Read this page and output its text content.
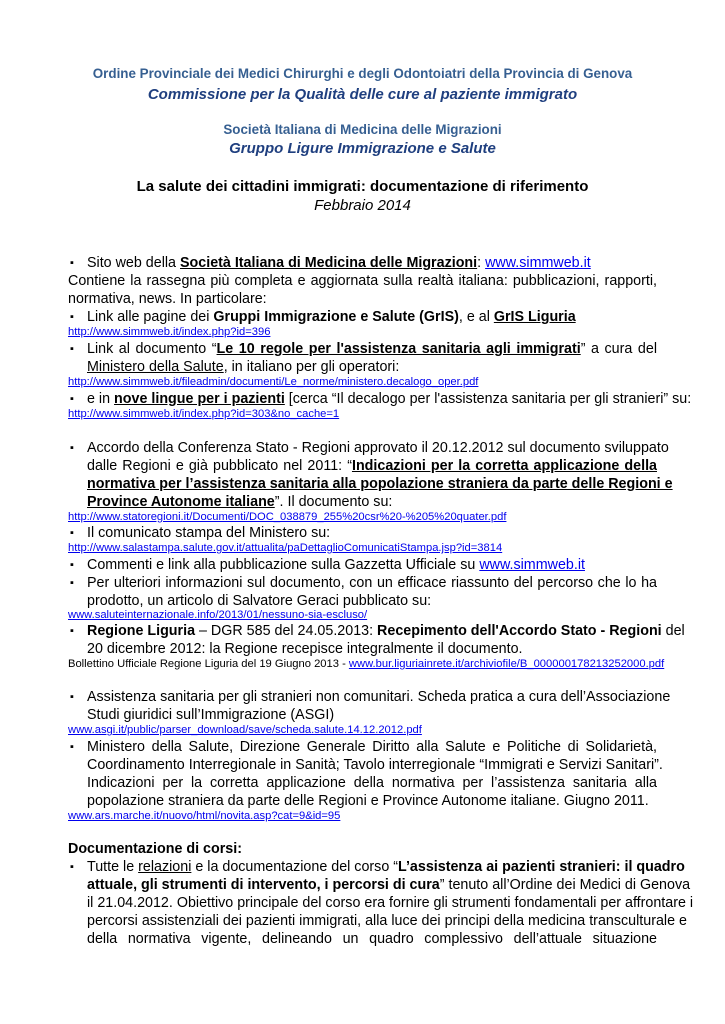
Ordine Provinciale dei Medici Chirurghi e degli Odontoiatri della Provincia di Genova
Commissione per la Qualità delle cure al paziente immigrato
Società Italiana di Medicina delle Migrazioni
Gruppo Ligure Immigrazione e Salute
La salute dei cittadini immigrati: documentazione di riferimento
Febbraio 2014
▪ Sito web della Società Italiana di Medicina delle Migrazioni: www.simmweb.it
Contiene la rassegna più completa e aggiornata sulla realtà italiana: pubblicazioni, rapporti,
normativa, news. In particolare:
▪ Link alle pagine dei Gruppi Immigrazione e Salute (GrIS), e al GrIS Liguria
http://www.simmweb.it/index.php?id=396
▪ Link al documento “Le 10 regole per l'assistenza sanitaria agli immigrati” a cura del
Ministero della Salute, in italiano per gli operatori:
http://www.simmweb.it/fileadmin/documenti/Le_norme/ministero.decalogo_oper.pdf
▪ e in nove lingue per i pazienti [cerca “Il decalogo per l'assistenza sanitaria per gli stranieri” su:
http://www.simmweb.it/index.php?id=303&no_cache=1
▪ Accordo della Conferenza Stato - Regioni approvato il 20.12.2012 sul documento sviluppato
dalle Regioni e già pubblicato nel 2011: “Indicazioni per la corretta applicazione della
normativa per l’assistenza sanitaria alla popolazione straniera da parte delle Regioni e
Province Autonome italiane”. Il documento su:
http://www.statoregioni.it/Documenti/DOC_038879_255%20csr%20-%205%20quater.pdf
▪ Il comunicato stampa del Ministero su:
http://www.salastampa.salute.gov.it/attualita/paDettaglioComunicatiStampa.jsp?id=3814
▪ Commenti e link alla pubblicazione sulla Gazzetta Ufficiale su www.simmweb.it
▪ Per ulteriori informazioni sul documento, con un efficace riassunto del percorso che lo ha
prodotto, un articolo di Salvatore Geraci pubblicato su:
www.saluteinternazionale.info/2013/01/nessuno-sia-escluso/
▪ Regione Liguria – DGR 585 del 24.05.2013: Recepimento dell'Accordo Stato - Regioni del
20 dicembre 2012: la Regione recepisce integralmente il documento.
Bollettino Ufficiale Regione Liguria del 19 Giugno 2013 - www.bur.liguriainrete.it/archiviofile/B_000000178213252000.pdf
▪ Assistenza sanitaria per gli stranieri non comunitari. Scheda pratica a cura dell’Associazione
Studi giuridici sull’Immigrazione (ASGI)
www.asgi.it/public/parser_download/save/scheda.salute.14.12.2012.pdf
▪ Ministero della Salute, Direzione Generale Diritto alla Salute e Politiche di Solidarietà,
Coordinamento Interregionale in Sanità; Tavolo interregionale “Immigrati e Servizi Sanitari”.
Indicazioni per la corretta applicazione della normativa per l’assistenza sanitaria alla
popolazione straniera da parte delle Regioni e Province Autonome italiane. Giugno 2011.
www.ars.marche.it/nuovo/html/novita.asp?cat=9&id=95
Documentazione di corsi:
▪ Tutte le relazioni e la documentazione del corso “L’assistenza ai pazienti stranieri: il quadro
attuale, gli strumenti di intervento, i percorsi di cura” tenuto all’Ordine dei Medici di Genova
il 21.04.2012. Obiettivo principale del corso era fornire gli strumenti fondamentali per affrontare i
percorsi assistenziali dei pazienti immigrati, alla luce dei principi della medicina transculturale e
della normativa vigente, delineando un quadro complessivo dell’attuale situazione
